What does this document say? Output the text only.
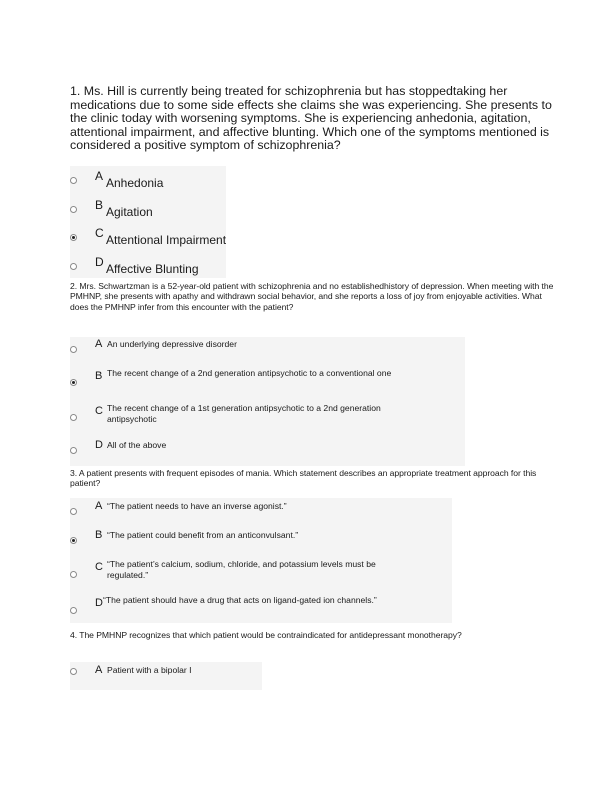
1. Ms. Hill is currently being treated for schizophrenia but has stoppedtaking her medications due to some side effects she claims she was experiencing. She presents to the clinic today with worsening symptoms. She is experiencing anhedonia, agitation, attentional impairment, and affective blunting. Which one of the symptoms mentioned is considered a positive symptom of schizophrenia?
A Anhedonia
B Agitation
C Attentional Impairment
D Affective Blunting
2. Mrs. Schwartzman is a 52-year-old patient with schizophrenia and no establishedhistory of depression. When meeting with the PMHNP, she presents with apathy and withdrawn social behavior, and she reports a loss of joy from enjoyable activities. What does the PMHNP infer from this encounter with the patient?
A An underlying depressive disorder
B The recent change of a 2nd generation antipsychotic to a conventional one
C The recent change of a 1st generation antipsychotic to a 2nd generation antipsychotic
D All of the above
3. A patient presents with frequent episodes of mania. Which statement describes an appropriate treatment approach for this patient?
A “The patient needs to have an inverse agonist.”
B “The patient could benefit from an anticonvulsant.”
C “The patient’s calcium, sodium, chloride, and potassium levels must be regulated.”
D “The patient should have a drug that acts on ligand-gated ion channels.”
4. The PMHNP recognizes that which patient would be contraindicated for antidepressant monotherapy?
A Patient with a bipolar I
